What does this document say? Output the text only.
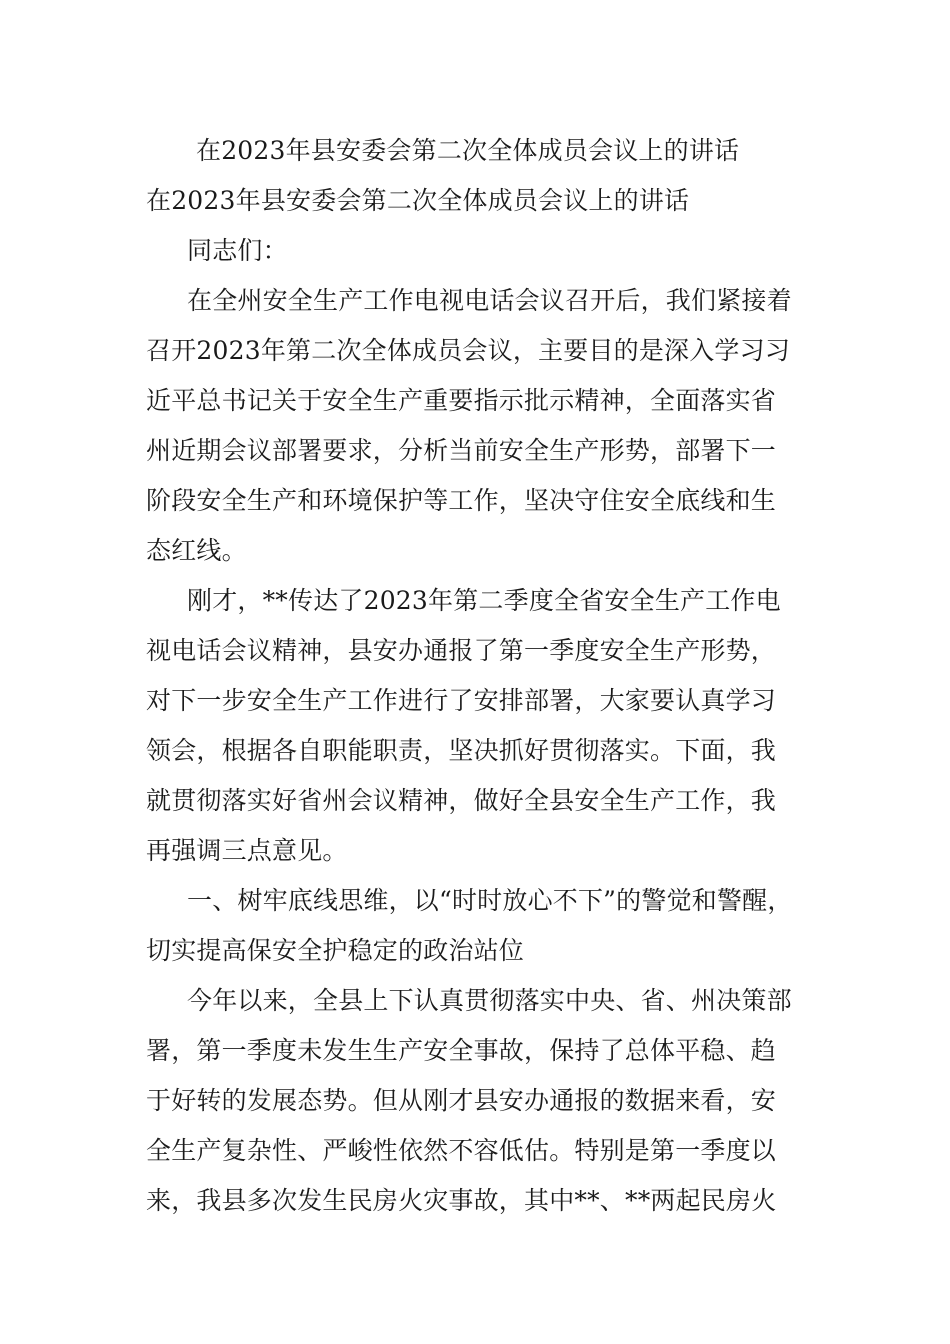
在2023年县安委会第二次全体成员会议上的讲话
在2023年县安委会第二次全体成员会议上的讲话
同志们：
在全州安全生产工作电视电话会议召开后，我们紧接着
召开2023年第二次全体成员会议，主要目的是深入学习习
近平总书记关于安全生产重要指示批示精神，全面落实省
州近期会议部署要求，分析当前安全生产形势，部署下一
阶段安全生产和环境保护等工作，坚决守住安全底线和生
态红线。
刚才，**传达了2023年第二季度全省安全生产工作电
视电话会议精神，县安办通报了第一季度安全生产形势，
对下一步安全生产工作进行了安排部署，大家要认真学习
领会，根据各自职能职责，坚决抓好贯彻落实。下面，我
就贯彻落实好省州会议精神，做好全县安全生产工作，我
再强调三点意见。
一、树牢底线思维，以“时时放心不下”的警觉和警醒，
切实提高保安全护稳定的政治站位
今年以来，全县上下认真贯彻落实中央、省、州决策部
署，第一季度未发生生产安全事故，保持了总体平稳、趋
于好转的发展态势。但从刚才县安办通报的数据来看，安
全生产复杂性、严峻性依然不容低估。特别是第一季度以
来，我县多次发生民房火灾事故，其中**、**两起民房火
